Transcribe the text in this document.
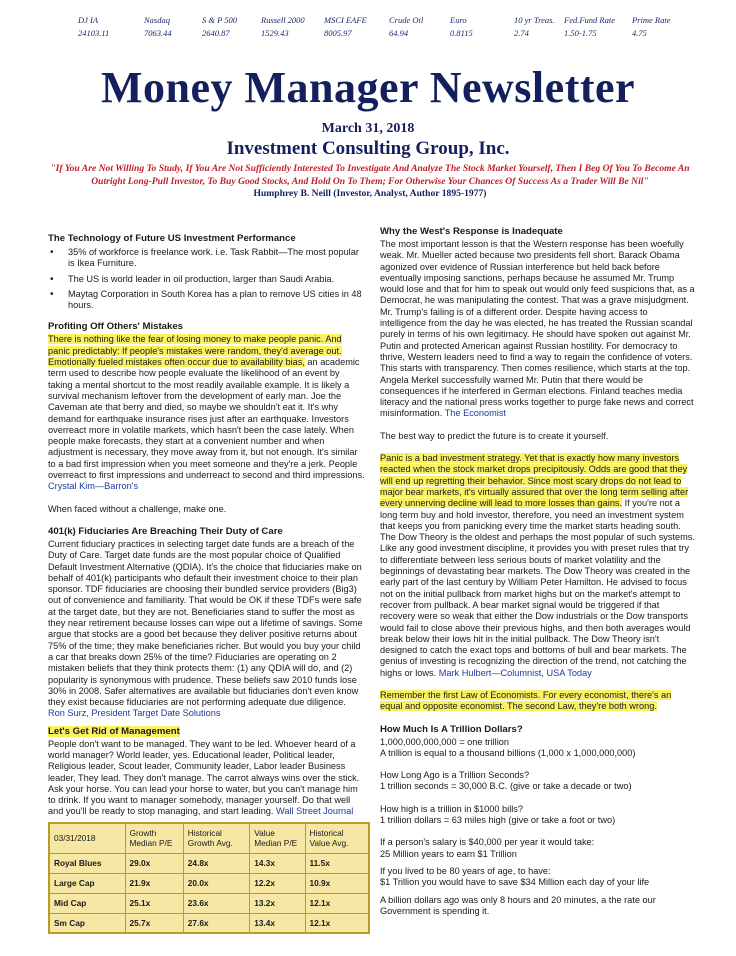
DJ IA
24103.11
Nasdaq
7063.44
S & P 500
2640.87
Russell 2000
1529.43
MSCI EAFE
8005.97
Crude Oil
64.94
Euro
0.8115
10 yr Treas.
2.74
Fed.Fund Rate
1.50-1.75
Prime Rate
4.75
Money Manager Newsletter
March 31, 2018
Investment Consulting Group, Inc.
"If You Are Not Willing To Study, If You Are Not Sufficiently Interested To Investigate And Analyze The Stock Market Yourself, Then I Beg Of You To Become An Outright Long-Pull Investor, To Buy Good Stocks, And Hold On To Them; For Otherwise Your Chances Of Success As a Trader Will Be Nil"
Humphrey B. Neill (Investor, Analyst, Author 1895-1977)
The Technology of Future US Investment Performance
• 35% of workforce is freelance work. i.e. Task Rabbit—The most popular is Ikea Furniture.
• The US is world leader in oil production, larger than Saudi Arabia.
• Maytag Corporation in South Korea has a plan to remove US cities in 48 hours.
Profiting Off Others' Mistakes

There is nothing like the fear of losing money to make people panic. And panic predictably: If people's mistakes were random, they'd average out. Emotionally fueled mistakes often occur due to availability bias, an academic term used to describe how people evaluate the likelihood of an event by taking a mental shortcut to the most readily available example. It is likely a survival mechanism leftover from the development of early man. Joe the Caveman ate that berry and died, so maybe we shouldn't eat it. It's why demand for earthquake insurance rises just after an earthquake. Investors overreact more in volatile markets, which hasn't been the case lately. When people make forecasts, they start at a convenient number and when adjustment is necessary, they move away from it, but not enough. It's similar to a bad first impression when you meet someone and they're a jerk. People overreact to first impressions and underreact to second and third impressions. Crystal Kim—Barron's

When faced without a challenge, make one.

401(k) Fiduciaries Are Breaching Their Duty of Care

Current fiduciary practices in selecting target date funds are a breach of the Duty of Care. Target date funds are the most popular choice of Qualified Default Investment Alternative (QDIA). It's the choice that fiduciaries make on behalf of 401(k) participants who default their investment choice to their plan sponsor. TDF fiduciaries are choosing their bundled service providers (Big3) out of convenience and familiarity. That would be OK if these TDFs were safe at the target date, but they are not. Beneficiaries stand to suffer the most as they near retirement because losses can wipe out a lifetime of savings. Some argue that stocks are a good bet because they deliver positive returns about 75% of the time; they make beneficiaries richer. But would you buy your child a car that breaks down 25% of the time? Fiduciaries are operating on 2 mistaken beliefs that they think protects them: (1) any QDIA will do, and (2) popularity is synonymous with prudence. These beliefs saw 2010 funds lose 30% in 2008. Safer alternatives are available but fiduciaries don't even know they exist because fiduciaries are not performing adequate due diligence.

Ron Surz, President Target Date Solutions

Let's Get Rid of Management

People don't want to be managed. They want to be led. Whoever heard of a world manager? World leader, yes. Educational leader, Political leader, Religious leader, Scout leader, Community leader, Labor leader Business leader, They lead. They don't manage. The carrot always wins over the stick. Ask your horse. You can lead your horse to water, but you can't manage him to drink. If you want to manager somebody, manager yourself. Do that well and you'll be ready to stop managing, and start leading. Wall Street Journal

03/31/2018	Growth Median P/E	Historical Growth Avg.	Value Median P/E	Historical Value Avg.
Royal Blues	29.0x	24.8x	14.3x	11.5x
Large Cap	21.9x	20.0x	12.2x	10.9x
Mid Cap	25.1x	23.6x	13.2x	12.1x
Sm Cap	25.7x	27.6x	13.4x	12.1x
Why the West's Response is Inadequate

The most important lesson is that the Western response has been woefully weak. Mr. Mueller acted because two presidents fell short. Barack Obama agonized over evidence of Russian interference but held back before eventually imposing sanctions, perhaps because he assumed Mr. Trump would lose and that for him to speak out would only feed suspicions that, as a Democrat, he was manipulating the contest. That was a grave misjudgment. Mr. Trump's failing is of a different order. Despite having access to intelligence from the day he was elected, he has treated the Russian scandal purely in terms of his own legitimacy. He should have spoken out against Mr. Putin and protected American against Russian hostility. For democracy to thrive, Western leaders need to find a way to regain the confidence of voters. This starts with transparency. Then comes resilience, which starts at the top. Angela Merkel successfully warned Mr. Putin that there would be consequences if he interfered in German elections. Finland teaches media literacy and the national press works together to purge fake news and correct misinformation. The Economist

The best way to predict the future is to create it yourself.

Panic is a bad investment strategy. Yet that is exactly how many investors reacted when the stock market drops precipitously. Odds are good that they will end up regretting their behavior. Since most scary drops do not lead to major bear markets, it's virtually assured that over the long term selling after every unnerving decline will lead to more losses than gains. If you're not a long term buy and hold investor, therefore, you need an investment system that keeps you from panicking every time the market starts heading south. The Dow Theory is the oldest and perhaps the most popular of such systems. Like any good investment discipline, it provides you with preset rules that try to differentiate between less serious bouts of market volatility and the beginnings of devastating bear markets. The Dow Theory was created in the early part of the last century by William Peter Hamilton. He advised to focus not on the initial pullback from market highs but on the market's attempt to recover from pullback. A bear market signal would be triggered if that recovery were so weak that either the Dow industrials or the Dow transports would fail to close above their previous highs, and then both averages would break below their lows hit in the initial pullback. The Dow Theory isn't designed to catch the exact tops and bottoms of bull and bear markets. The genius of investing is recognizing the direction of the trend, not catching the highs or lows. Mark Hulbert—Columnist, USA Today

Remember the first Law of Economists. For every economist, there's an equal and opposite economist. The second Law, they're both wrong.

How Much Is A Trillion Dollars?

1,000,000,000,000 = one trillion

A trillion is equal to a thousand billions (1,000 x 1,000,000,000)

How Long Ago is a Trillion Seconds?

1 trillion seconds = 30,000 B.C. (give or take a decade or two)

How high is a trillion in $1000 bills?

1 trillion dollars = 63 miles high (give or take a foot or two)

If a person's salary is $40,000 per year it would take:

25 Million years to earn $1 Trillion

If you lived to be 80 years of age, to have:

$1 Trillion you would have to save $34 Million each day of your life

A billion dollars ago was only 8 hours and 20 minutes, a the rate our Government is spending it.
